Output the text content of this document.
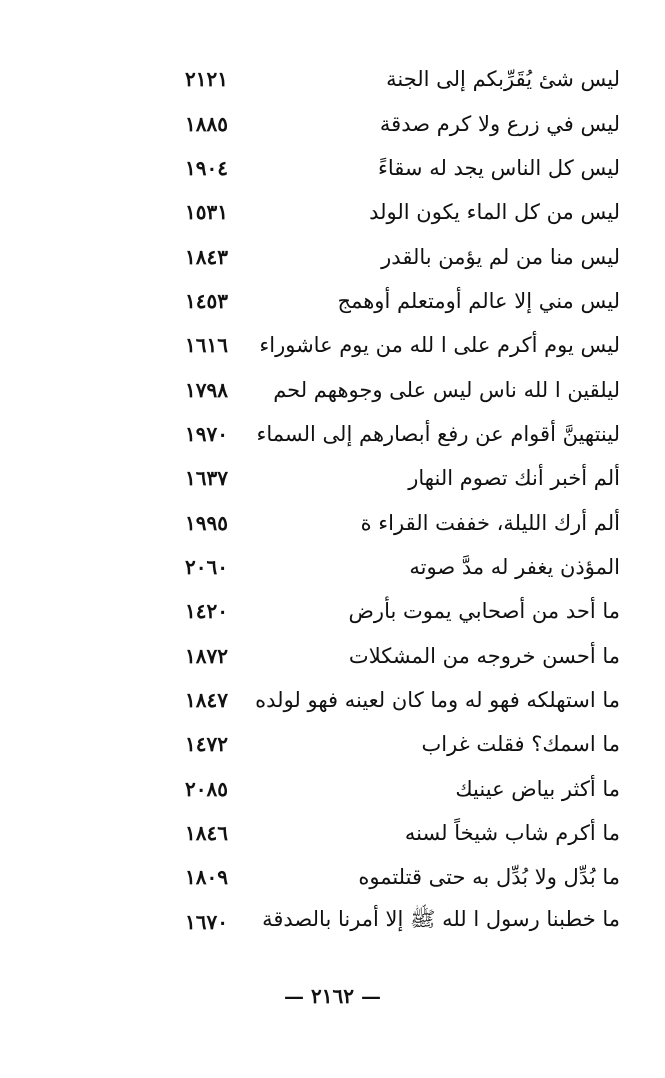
ليس شئ يُقَرِّبكم إلى الجنة
٢١٢١
ليس في زرع ولا كرم صدقة
١٨٨٥
ليس كل الناس يجد له سقاءً
١٩٠٤
ليس من كل الماء يكون الولد
١٥٣١
ليس منا من لم يؤمن بالقدر
١٨٤٣
ليس مني إلا عالم أومتعلم أوهمج
١٤٥٣
ليس يوم أكرم على ا لله من يوم عاشوراء
١٦١٦
ليلقين ا لله ناس ليس على وجوههم لحم
١٧٩٨
لينتهينَّ أقوام عن رفع أبصارهم إلى السماء
١٩٧٠
ألم أخبر أنك تصوم النهار
١٦٣٧
ألم أرك الليلة، خففت القراء ة
١٩٩٥
المؤذن يغفر له مدَّ صوته
٢٠٦٠
ما أحد من أصحابي يموت بأرض
١٤٢٠
ما أحسن خروجه من المشكلات
١٨٧٢
ما استهلكه فهو له وما كان لعينه فهو لولده
١٨٤٧
ما اسمك؟ فقلت غراب
١٤٧٢
ما أكثر بياض عينيك
٢٠٨٥
ما أكرم شاب شيخاً لسنه
١٨٤٦
ما بُدِّل ولا بُدِّل به حتى قتلتموه
١٨٠٩
ما خطبنا رسول ا لله ﷺ إلا أمرنا بالصدقة
١٦٧٠
— ٢١٦٢ —
